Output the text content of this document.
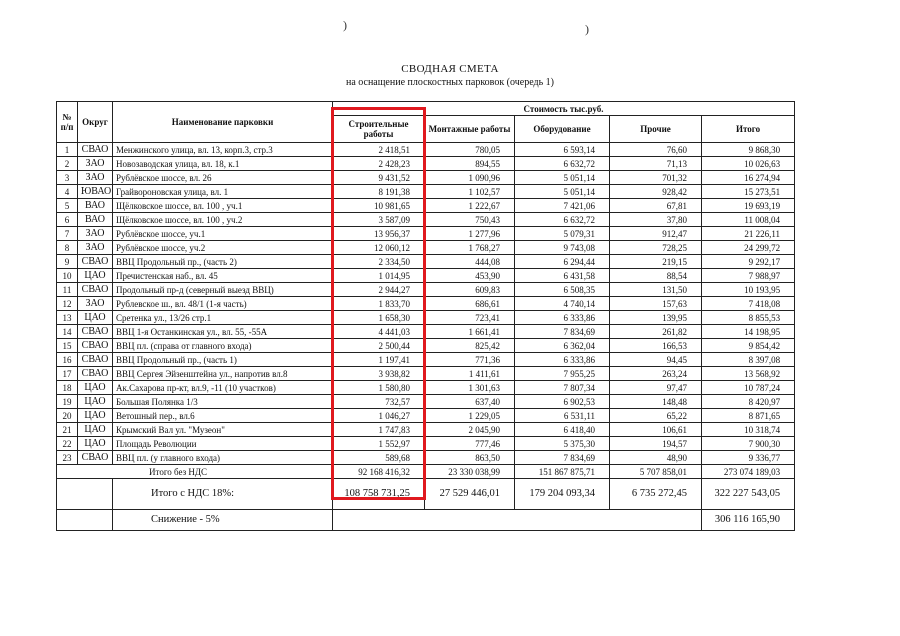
)	)
СВОДНАЯ СМЕТА
на оснащение плоскостных парковок (очередь 1)
№ п/п	Округ	Наименование парковки	Стоимость тыс.руб.				
			Строительные работы	Монтажные работы	Оборудование	Прочие	Итого
1	СВАО	Менжинского улица, вл. 13, корп.3, стр.3	2 418,51	780,05	6 593,14	76,60	9 868,30
2	ЗАО	Новозаводская улица, вл. 18, к.1	2 428,23	894,55	6 632,72	71,13	10 026,63
3	ЗАО	Рублёвское шоссе, вл. 26	9 431,52	1 090,96	5 051,14	701,32	16 274,94
4	ЮВАО	Грайвороновская улица, вл. 1	8 191,38	1 102,57	5 051,14	928,42	15 273,51
5	ВАО	Щёлковское шоссе, вл. 100 , уч.1	10 981,65	1 222,67	7 421,06	67,81	19 693,19
6	ВАО	Щёлковское шоссе, вл. 100 , уч.2	3 587,09	750,43	6 632,72	37,80	11 008,04
7	ЗАО	Рублёвское шоссе, уч.1	13 956,37	1 277,96	5 079,31	912,47	21 226,11
8	ЗАО	Рублёвское шоссе, уч.2	12 060,12	1 768,27	9 743,08	728,25	24 299,72
9	СВАО	ВВЦ Продольный пр., (часть 2)	2 334,50	444,08	6 294,44	219,15	9 292,17
10	ЦАО	Пречистенская наб., вл. 45	1 014,95	453,90	6 431,58	88,54	7 988,97
11	СВАО	Продольный пр-д (северный выезд ВВЦ)	2 944,27	609,83	6 508,35	131,50	10 193,95
12	ЗАО	Рублевское ш., вл. 48/1 (1-я часть)	1 833,70	686,61	4 740,14	157,63	7 418,08
13	ЦАО	Сретенка ул., 13/26 стр.1	1 658,30	723,41	6 333,86	139,95	8 855,53
14	СВАО	ВВЦ 1-я Останкинская ул., вл. 55, -55А	4 441,03	1 661,41	7 834,69	261,82	14 198,95
15	СВАО	ВВЦ пл. (справа от главного входа)	2 500,44	825,42	6 362,04	166,53	9 854,42
16	СВАО	ВВЦ Продольный пр., (часть 1)	1 197,41	771,36	6 333,86	94,45	8 397,08
17	СВАО	ВВЦ Сергея Эйзенштейна ул., напротив вл.8	3 938,82	1 411,61	7 955,25	263,24	13 568,92
18	ЦАО	Ак.Сахарова пр-кт, вл.9, -11 (10 участков)	1 580,80	1 301,63	7 807,34	97,47	10 787,24
19	ЦАО	Большая Полянка 1/3	732,57	637,40	6 902,53	148,48	8 420,97
20	ЦАО	Ветошный пер., вл.6	1 046,27	1 229,05	6 531,11	65,22	8 871,65
21	ЦАО	Крымский Вал ул. "Музеон"	1 747,83	2 045,90	6 418,40	106,61	10 318,74
22	ЦАО	Площадь Революции	1 552,97	777,46	5 375,30	194,57	7 900,30
23	СВАО	ВВЦ пл. (у главного входа)	589,68	863,50	7 834,69	48,90	9 336,77
Итого без НДС			92 168 416,32	23 330 038,99	151 867 875,71	5 707 858,01	273 074 189,03
		Итого с НДС 18%:	108 758 731,25	27 529 446,01	179 204 093,34	6 735 272,45	322 227 543,05
		Снижение - 5%					306 116 165,90
